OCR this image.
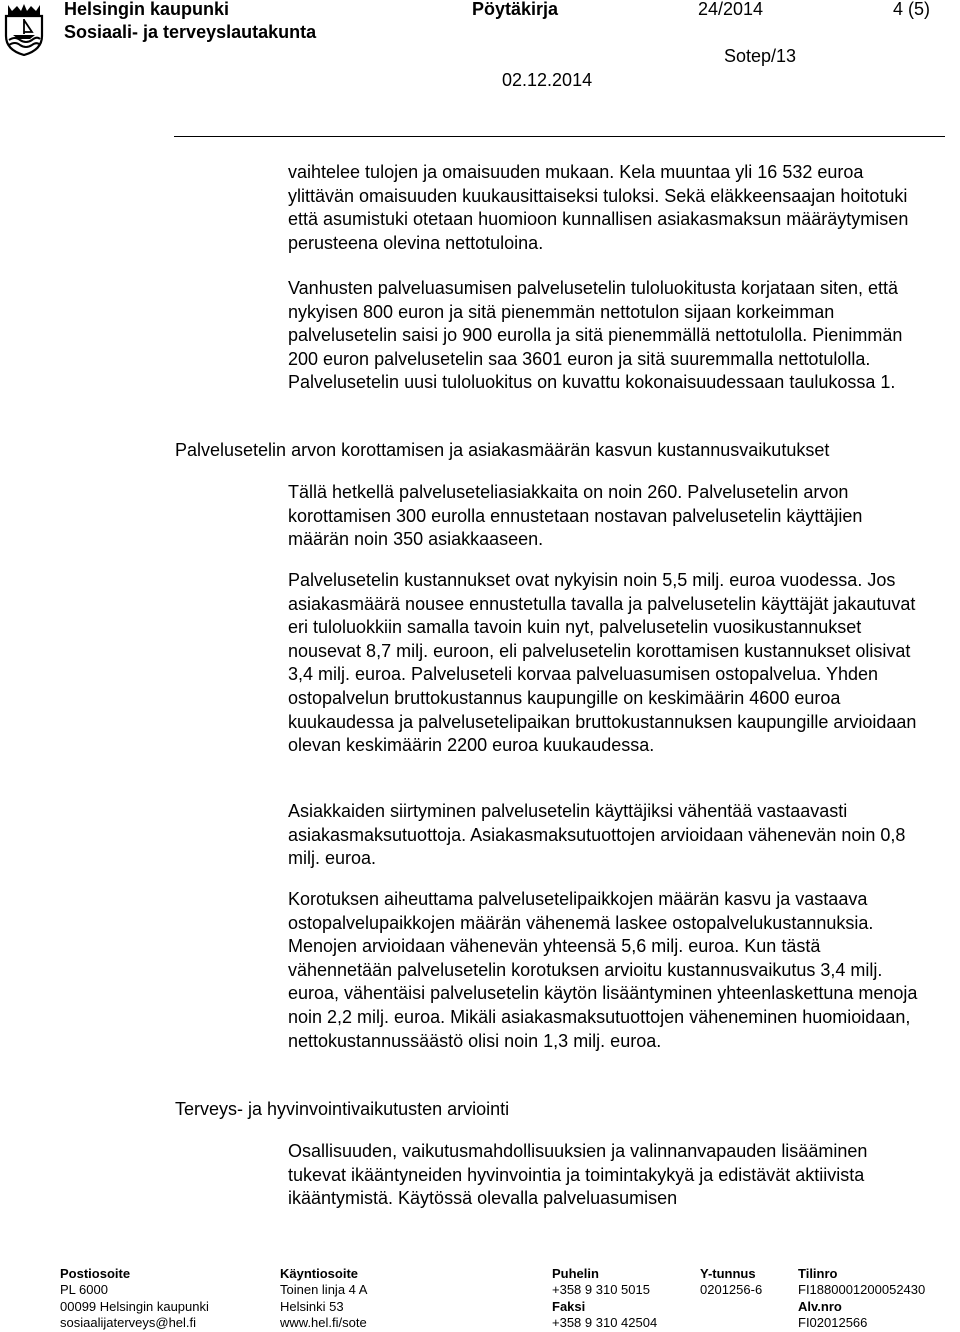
Helsingin kaupunki
Sosiaali- ja terveyslautakunta
Pöytäkirja	24/2014	4 (5)
Sotep/13
02.12.2014

vaihtelee tulojen ja omaisuuden mukaan. Kela muuntaa yli 16 532 euroa ylittävän omaisuuden kuukausittaiseksi tuloksi. Sekä eläkkeensaajan hoitotuki että asumistuki otetaan huomioon kunnallisen asiakasmaksun määräytymisen perusteena olevina nettotuloina.

Vanhusten palveluasumisen palvelusetelin tuloluokitusta korjataan siten, että nykyisen 800 euron ja sitä pienemmän nettotulon sijaan korkeimman palvelusetelin saisi jo 900 eurolla ja sitä pienemmällä nettotulolla. Pienimmän 200 euron palvelusetelin saa 3601 euron ja sitä suuremmalla nettotulolla. Palvelusetelin uusi tuloluokitus on kuvattu kokonaisuudessaan taulukossa 1.

Palvelusetelin arvon korottamisen ja asiakasmäärän kasvun kustannusvaikutukset

Tällä hetkellä palveluseteliasiakkaita on noin 260. Palvelusetelin arvon korottamisen 300 eurolla ennustetaan nostavan palvelusetelin käyttäjien määrän noin 350 asiakkaaseen.

Palvelusetelin kustannukset ovat nykyisin noin 5,5 milj. euroa vuodessa. Jos asiakasmäärä nousee ennustetulla tavalla ja palvelusetelin käyttäjät jakautuvat eri tuloluokkiin samalla tavoin kuin nyt, palvelusetelin vuosikustannukset nousevat 8,7 milj. euroon, eli palvelusetelin korottamisen kustannukset olisivat 3,4 milj. euroa. Palveluseteli korvaa palveluasumisen ostopalvelua. Yhden ostopalvelun bruttokustannus kaupungille on keskimäärin 4600 euroa kuukaudessa ja palvelusetelipaikan bruttokustannuksen kaupungille arvioidaan olevan keskimäärin 2200 euroa kuukaudessa.

Asiakkaiden siirtyminen palvelusetelin käyttäjiksi vähentää vastaavasti asiakasmaksutuottoja. Asiakasmaksutuottojen arvioidaan vähenevän noin 0,8 milj. euroa.

Korotuksen aiheuttama palvelusetelipaikkojen määrän kasvu ja vastaava ostopalvelupaikkojen määrän vähenemä laskee ostopalvelukustannuksia. Menojen arvioidaan vähenevän yhteensä 5,6 milj. euroa. Kun tästä vähennetään palvelusetelin korotuksen arvioitu kustannusvaikutus 3,4 milj. euroa, vähentäisi palvelusetelin käytön lisääntyminen yhteenlaskettuna menoja noin 2,2 milj. euroa. Mikäli asiakasmaksutuottojen väheneminen huomioidaan, nettokustannussäästö olisi noin 1,3 milj. euroa.

Terveys- ja hyvinvointivaikutusten arviointi

Osallisuuden, vaikutusmahdollisuuksien ja valinnanvapauden lisääminen tukevat ikääntyneiden hyvinvointia ja toimintakykyä ja edistävät aktiivista ikääntymistä. Käytössä olevalla palveluasumisen

Postiosoite
PL 6000
00099 Helsingin kaupunki
sosiaalijaterveys@hel.fi
Käyntiosoite
Toinen linja 4 A
Helsinki 53
www.hel.fi/sote
Puhelin
+358 9 310 5015
Faksi
+358 9 310 42504
Y-tunnus
0201256-6
Tilinro
FI1880001200052430
Alv.nro
FI02012566
